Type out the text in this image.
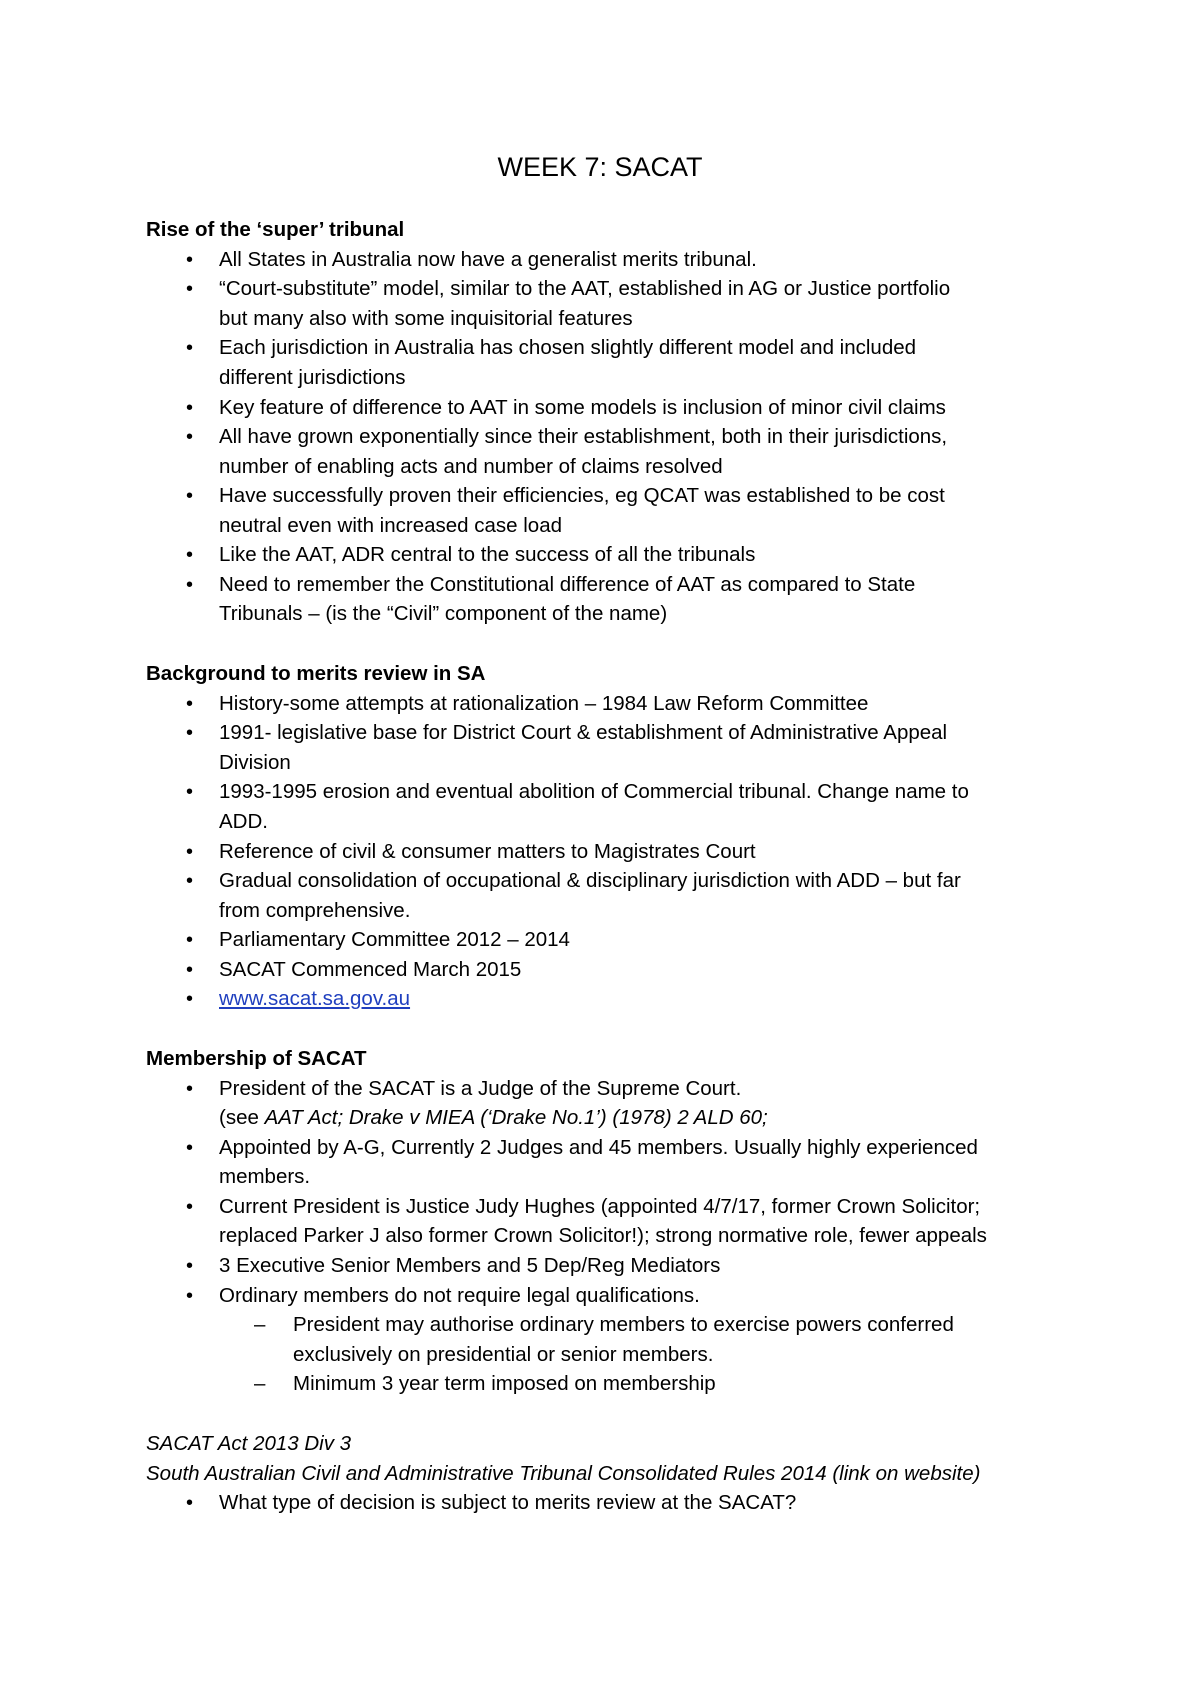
WEEK 7: SACAT
Rise of the ‘super’ tribunal
• All States in Australia now have a generalist merits tribunal.
• “Court-substitute” model, similar to the AAT, established in AG or Justice portfolio
but many also with some inquisitorial features
• Each jurisdiction in Australia has chosen slightly different model and included
different jurisdictions
• Key feature of difference to AAT in some models is inclusion of minor civil claims
• All have grown exponentially since their establishment, both in their jurisdictions,
number of enabling acts and number of claims resolved
• Have successfully proven their efficiencies, eg QCAT was established to be cost
neutral even with increased case load
• Like the AAT, ADR central to the success of all the tribunals
• Need to remember the Constitutional difference of AAT as compared to State
Tribunals – (is the “Civil” component of the name)
Background to merits review in SA
• History-some attempts at rationalization – 1984 Law Reform Committee
• 1991- legislative base for District Court & establishment of Administrative Appeal
Division
• 1993-1995 erosion and eventual abolition of Commercial tribunal. Change name to
ADD.
• Reference of civil & consumer matters to Magistrates Court
• Gradual consolidation of occupational & disciplinary jurisdiction with ADD – but far
from comprehensive.
• Parliamentary Committee 2012 – 2014
• SACAT Commenced March 2015
• www.sacat.sa.gov.au
Membership of SACAT
• President of the SACAT is a Judge of the Supreme Court.
(see AAT Act; Drake v MIEA (‘Drake No.1’) (1978) 2 ALD 60;
• Appointed by A-G, Currently 2 Judges and 45 members. Usually highly experienced
members.
• Current President is Justice Judy Hughes (appointed 4/7/17, former Crown Solicitor;
replaced Parker J also former Crown Solicitor!); strong normative role, fewer appeals
• 3 Executive Senior Members and 5 Dep/Reg Mediators
• Ordinary members do not require legal qualifications.
– President may authorise ordinary members to exercise powers conferred
exclusively on presidential or senior members.
– Minimum 3 year term imposed on membership
SACAT Act 2013 Div 3
South Australian Civil and Administrative Tribunal Consolidated Rules 2014 (link on website)
• What type of decision is subject to merits review at the SACAT?
